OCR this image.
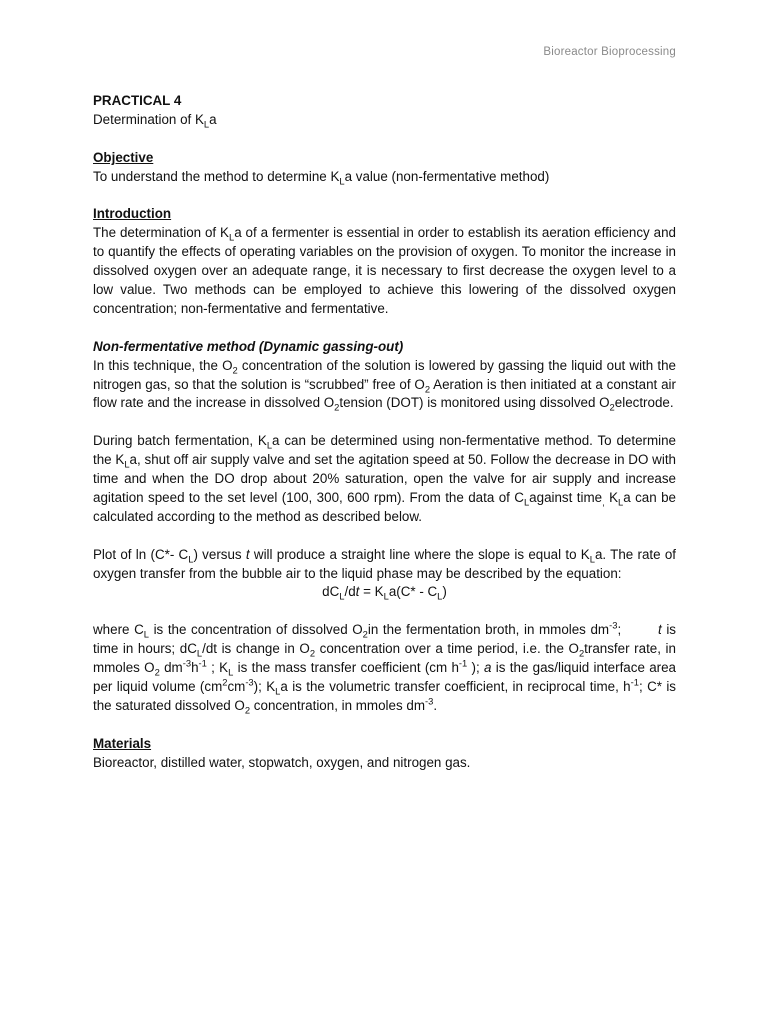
Bioreactor Bioprocessing

PRACTICAL 4

Determination of $K_La$

Objective

To understand the method to determine $K_La$ value (non-fermentative method)

Introduction

The determination of $K_La$ of a fermenter is essential in order to establish its aeration efficiency and to quantify the effects of operating variables on the provision of oxygen. To monitor the increase in dissolved oxygen over an adequate range, it is necessary to first decrease the oxygen level to a low value. Two methods can be employed to achieve this lowering of the dissolved oxygen concentration; non-fermentative and fermentative.

Non-fermentative method (Dynamic gassing-out)

In this technique, the $O_2$ concentration of the solution is lowered by gassing the liquid out with the nitrogen gas, so that the solution is “scrubbed” free of $O_2$ Aeration is then initiated at a constant air flow rate and the increase in dissolved $O_2tension$ (DOT) is monitored using dissolved $O_2electrode$.

During batch fermentation, $K_La$ can be determined using non-fermentative method. To determine the $K_La$, shut off air supply valve and set the agitation speed at 50. Follow the decrease in DO with time and when the DO drop about 20% saturation, open the valve for air supply and increase agitation speed to the set level (100, 300, 600 rpm). From the data of $C_Lagainst$ time$_,$ $K_La$ can be calculated according to the method as described below.

Plot of ln (C*- $C_L$) versus t will produce a straight line where the slope is equal to $K_La$. The rate of oxygen transfer from the bubble air to the liquid phase may be described by the equation:

$dC_L/dt = K_La(C* - C_L)$

where $C_L$ is the concentration of dissolved $O_2in$ the fermentation broth, in mmoles $dm^{-3}$;	t is time in hours; $dC_L/dt$ is change in $O_2$ concentration over a time period, i.e. the $O_2transfer$ rate, in mmoles $O_2$ $dm^{-3}h^{-1}$ ; $K_L$ is the mass transfer coefficient (cm $h^{-1}$ ); a is the gas/liquid interface area per liquid volume $(cm^2cm^{-3})$; $K_La$ is the volumetric transfer coefficient, in reciprocal time, $h^{-1}$; C* is the saturated dissolved $O_2$ concentration, in mmoles $dm^{-3}$.

Materials

Bioreactor, distilled water, stopwatch, oxygen, and nitrogen gas.
